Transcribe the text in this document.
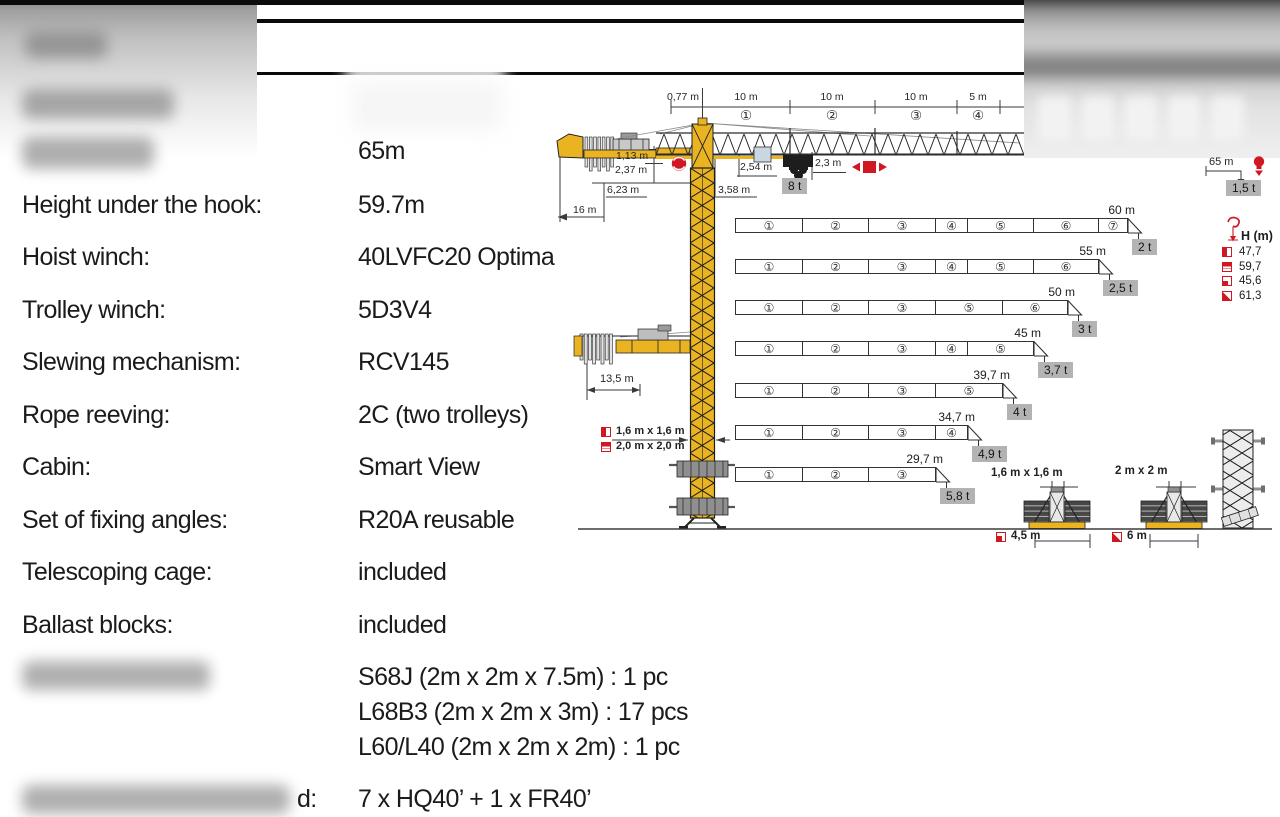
65m
Height under the hook:	59.7m
Hoist winch:	40LVFC20 Optima
Trolley winch:	5D3V4
Slewing mechanism:	RCV145
Rope reeving:	2C (two trolleys)
Cabin:	Smart View
Set of fixing angles:	R20A reusable
Telescoping cage:	included
Ballast blocks:	included
S68J (2m x 2m x 7.5m) : 1 pc
L68B3 (2m x 2m x 3m) : 17 pcs
L60/L40 (2m x 2m x 2m) : 1 pc
d: 7 x HQ40’ + 1 x FR40’
0,77 m	10 m	10 m	10 m	5 m
①	②	③	④
1,13 m
2,37 m
6,23 m
16 m
2,54 m
3,58 m
2,3 m
8 t
13,5 m
1,6 m x 1,6 m
2,0 m x 2,0 m
65 m
1,5 t
H (m)
47,7
59,7
45,6
61,3
1,6 m x 1,6 m	2 m x 2 m
4,5 m	6 m
①	②	③	④	⑤	⑥	⑦
60 m
2 t
①	②	③	④	⑤	⑥
55 m
2,5 t
①	②	③	⑤	⑥
50 m
3 t
①	②	③	④	⑤
45 m
3,7 t
①	②	③	⑤
39,7 m
4 t
①	②	③	④
34,7 m
4,9 t
①	②	③
29,7 m
5,8 t
